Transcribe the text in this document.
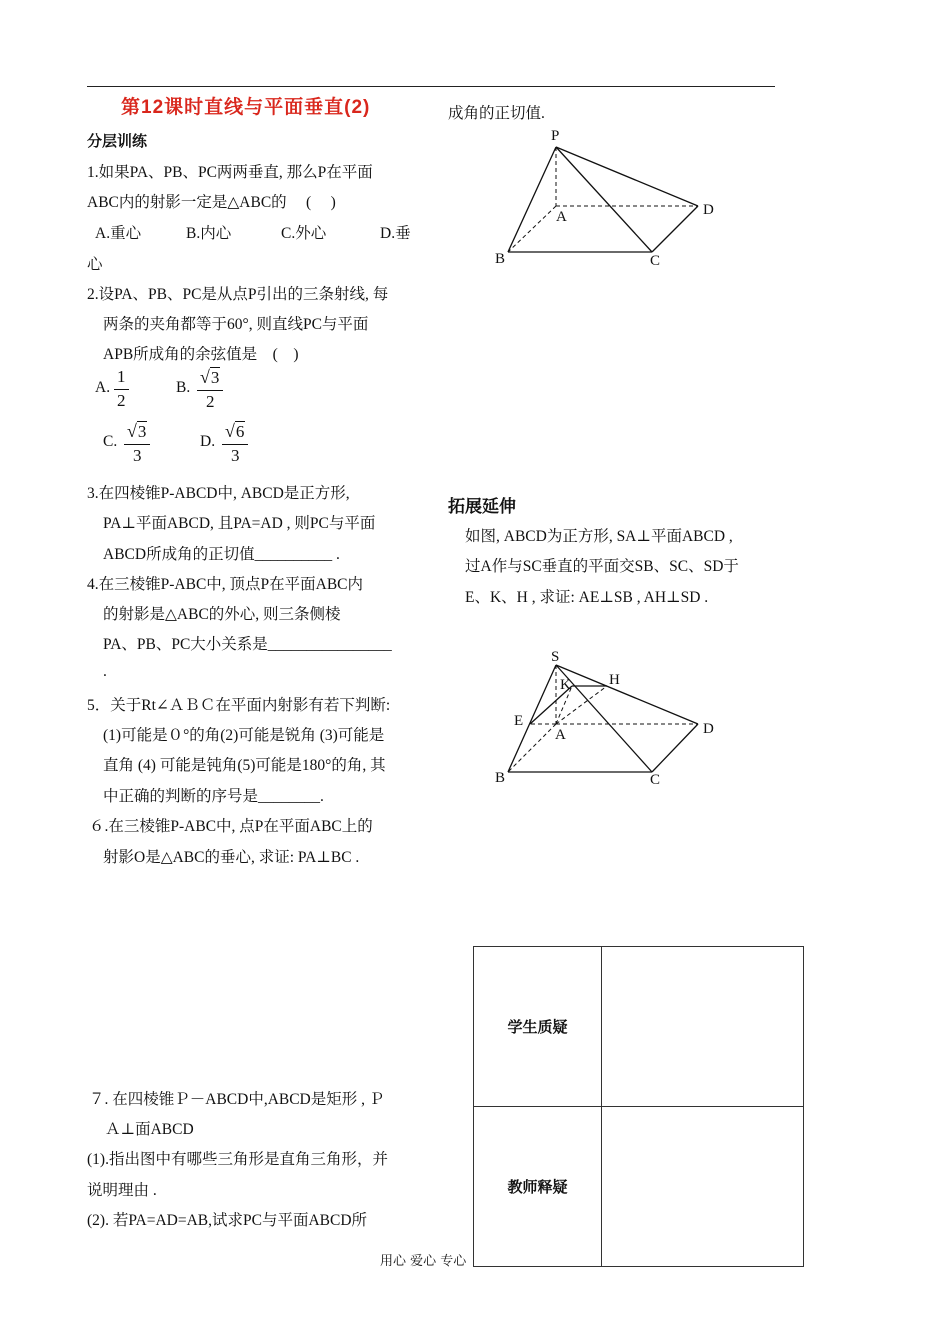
第12课时直线与平面垂直(2)
分层训练
1.如果PA、PB、PC两两垂直, 那么P在平面
ABC内的射影一定是△ABC的　 (　 )
A.重心	B.内心	C.外心	D.垂
心
2.设PA、PB、PC是从点P引出的三条射线, 每
两条的夹角都等于60°, 则直线PC与平面
APB所成角的余弦值是　(　)
A. $\frac{1}{2}$	B. $\frac{√3}{2}$
C. $\frac{√3}{3}$	D. $\frac{√6}{3}$
3.在四棱锥P-ABCD中, ABCD是正方形,
PA⊥平面ABCD, 且PA=AD , 则PC与平面
ABCD所成角的正切值__________ .
4.在三棱锥P-ABC中, 顶点P在平面ABC内
的射影是△ABC的外心, 则三条侧棱
PA、PB、PC大小关系是________________
.
5．关于Rt∠ＡＢＣ在平面内射影有若下判断:
(1)可能是０°的角(2)可能是锐角 (3)可能是
直角 (4) 可能是钝角(5)可能是180°的角, 其
中正确的判断的序号是________.
６.在三棱锥P-ABC中, 点P在平面ABC上的
射影O是△ABC的垂心, 求证: PA⊥BC .
７. 在四棱锥Ｐ－ABCD中,ABCD是矩形 , Ｐ
Ａ⊥面ABCD
(1).指出图中有哪些三角形是直角三角形，并
说明理由 .
(2). 若PA=AD=AB,试求PC与平面ABCD所
成角的正切值.
P
A	D
B	C
拓展延伸
如图, ABCD为正方形, SA⊥平面ABCD ,
过A作与SC垂直的平面交SB、SC、SD于
E、K、H , 求证: AE⊥SB , AH⊥SD .
S
K	H
E
A	D
B	C
学生质疑	
教师释疑	
用心 爱心 专心
